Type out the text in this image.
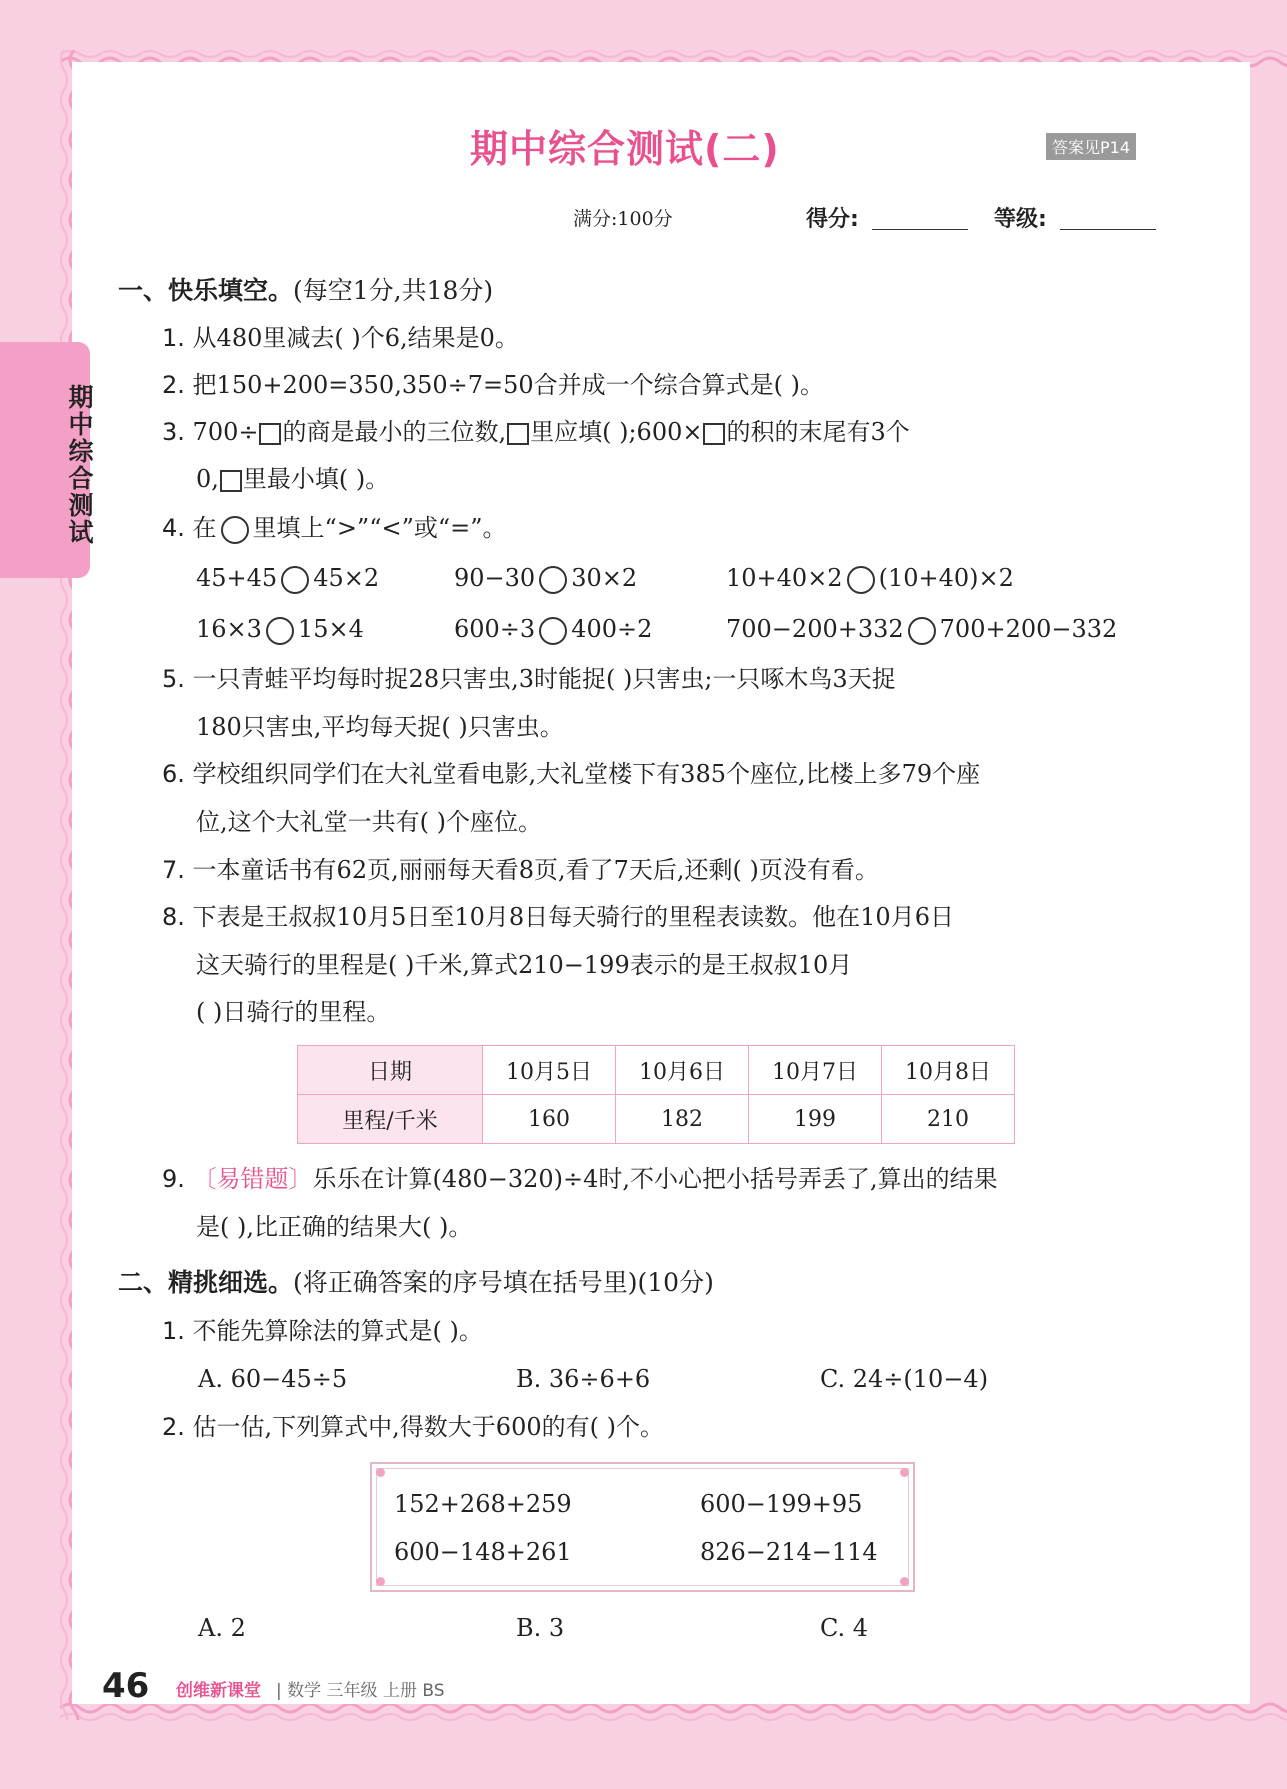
期中综合测试
期中综合测试(二)	答案见P14
满分:100分	得分:	等级:
一、快乐填空。(每空1分,共18分)
1. 从480里减去( )个6,结果是0。
2. 把150+200=350,350÷7=50合并成一个综合算式是( )。
3. 700÷ 的商是最小的三位数, 里应填( );600× 的积的末尾有3个
0, 里最小填( )。
4. 在 里填上“>”“<”或“=”。
45+45 45×2	90−30 30×2	10+40×2 (10+40)×2
16×3 15×4	600÷3 400÷2	700−200+332 700+200−332
5. 一只青蛙平均每时捉28只害虫,3时能捉( )只害虫;一只啄木鸟3天捉
180只害虫,平均每天捉( )只害虫。
6. 学校组织同学们在大礼堂看电影,大礼堂楼下有385个座位,比楼上多79个座
位,这个大礼堂一共有( )个座位。
7. 一本童话书有62页,丽丽每天看8页,看了7天后,还剩( )页没有看。
8. 下表是王叔叔10月5日至10月8日每天骑行的里程表读数。他在10月6日
这天骑行的里程是( )千米,算式210−199表示的是王叔叔10月
( )日骑行的里程。
日期	10月5日	10月6日	10月7日	10月8日
里程/千米	160	182	199	210
9. 〔易错题〕乐乐在计算(480−320)÷4时,不小心把小括号弄丢了,算出的结果
是( ),比正确的结果大( )。
二、精挑细选。(将正确答案的序号填在括号里)(10分)
1. 不能先算除法的算式是( )。
A. 60−45÷5	B. 36÷6+6	C. 24÷(10−4)
2. 估一估,下列算式中,得数大于600的有( )个。
152+268+259	600−199+95
600−148+261	826−214−114
A. 2	B. 3	C. 4
46 创维新课堂 | 数学 三年级 上册 BS
